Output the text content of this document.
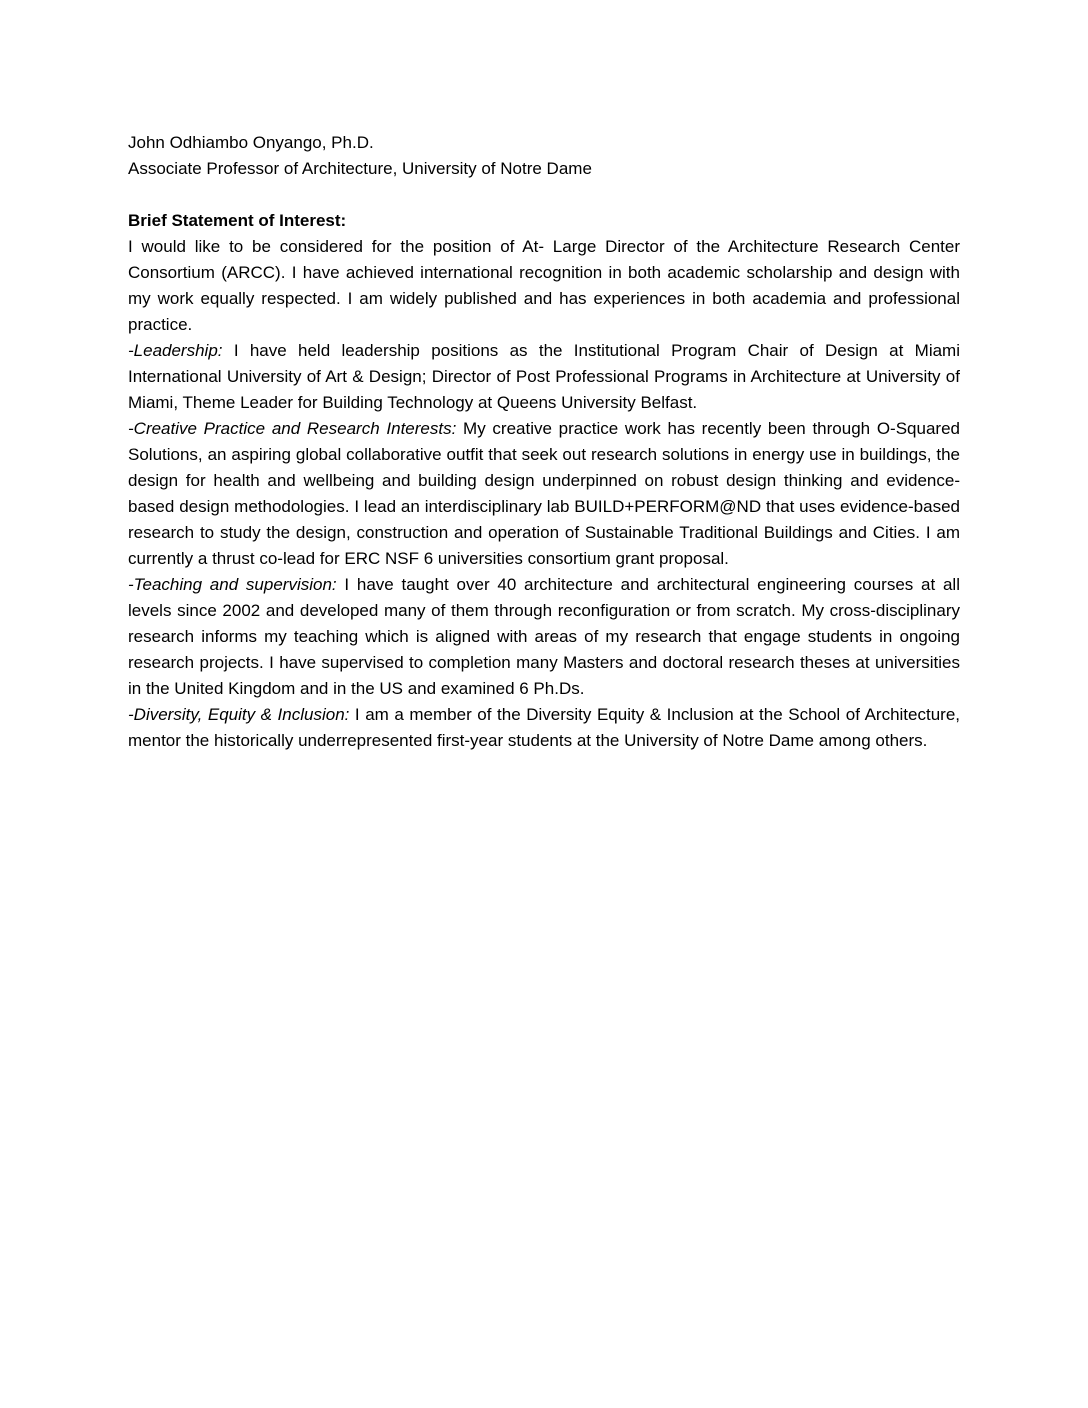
John Odhiambo Onyango, Ph.D.

Associate Professor of Architecture, University of Notre Dame

Brief Statement of Interest:

I would like to be considered for the position of At- Large Director of the Architecture Research Center Consortium (ARCC). I have achieved international recognition in both academic scholarship and design with my work equally respected. I am widely published and has experiences in both academia and professional practice.

-Leadership: I have held leadership positions as the Institutional Program Chair of Design at Miami International University of Art & Design; Director of Post Professional Programs in Architecture at University of Miami, Theme Leader for Building Technology at Queens University Belfast.

-Creative Practice and Research Interests: My creative practice work has recently been through O-Squared Solutions, an aspiring global collaborative outfit that seek out research solutions in energy use in buildings, the design for health and wellbeing and building design underpinned on robust design thinking and evidence-based design methodologies. I lead an interdisciplinary lab BUILD+PERFORM@ND that uses evidence-based research to study the design, construction and operation of Sustainable Traditional Buildings and Cities. I am currently a thrust co-lead for ERC NSF 6 universities consortium grant proposal.

-Teaching and supervision: I have taught over 40 architecture and architectural engineering courses at all levels since 2002 and developed many of them through reconfiguration or from scratch. My cross-disciplinary research informs my teaching which is aligned with areas of my research that engage students in ongoing research projects. I have supervised to completion many Masters and doctoral research theses at universities in the United Kingdom and in the US and examined 6 Ph.Ds.

-Diversity, Equity & Inclusion: I am a member of the Diversity Equity & Inclusion at the School of Architecture, mentor the historically underrepresented first-year students at the University of Notre Dame among others.
